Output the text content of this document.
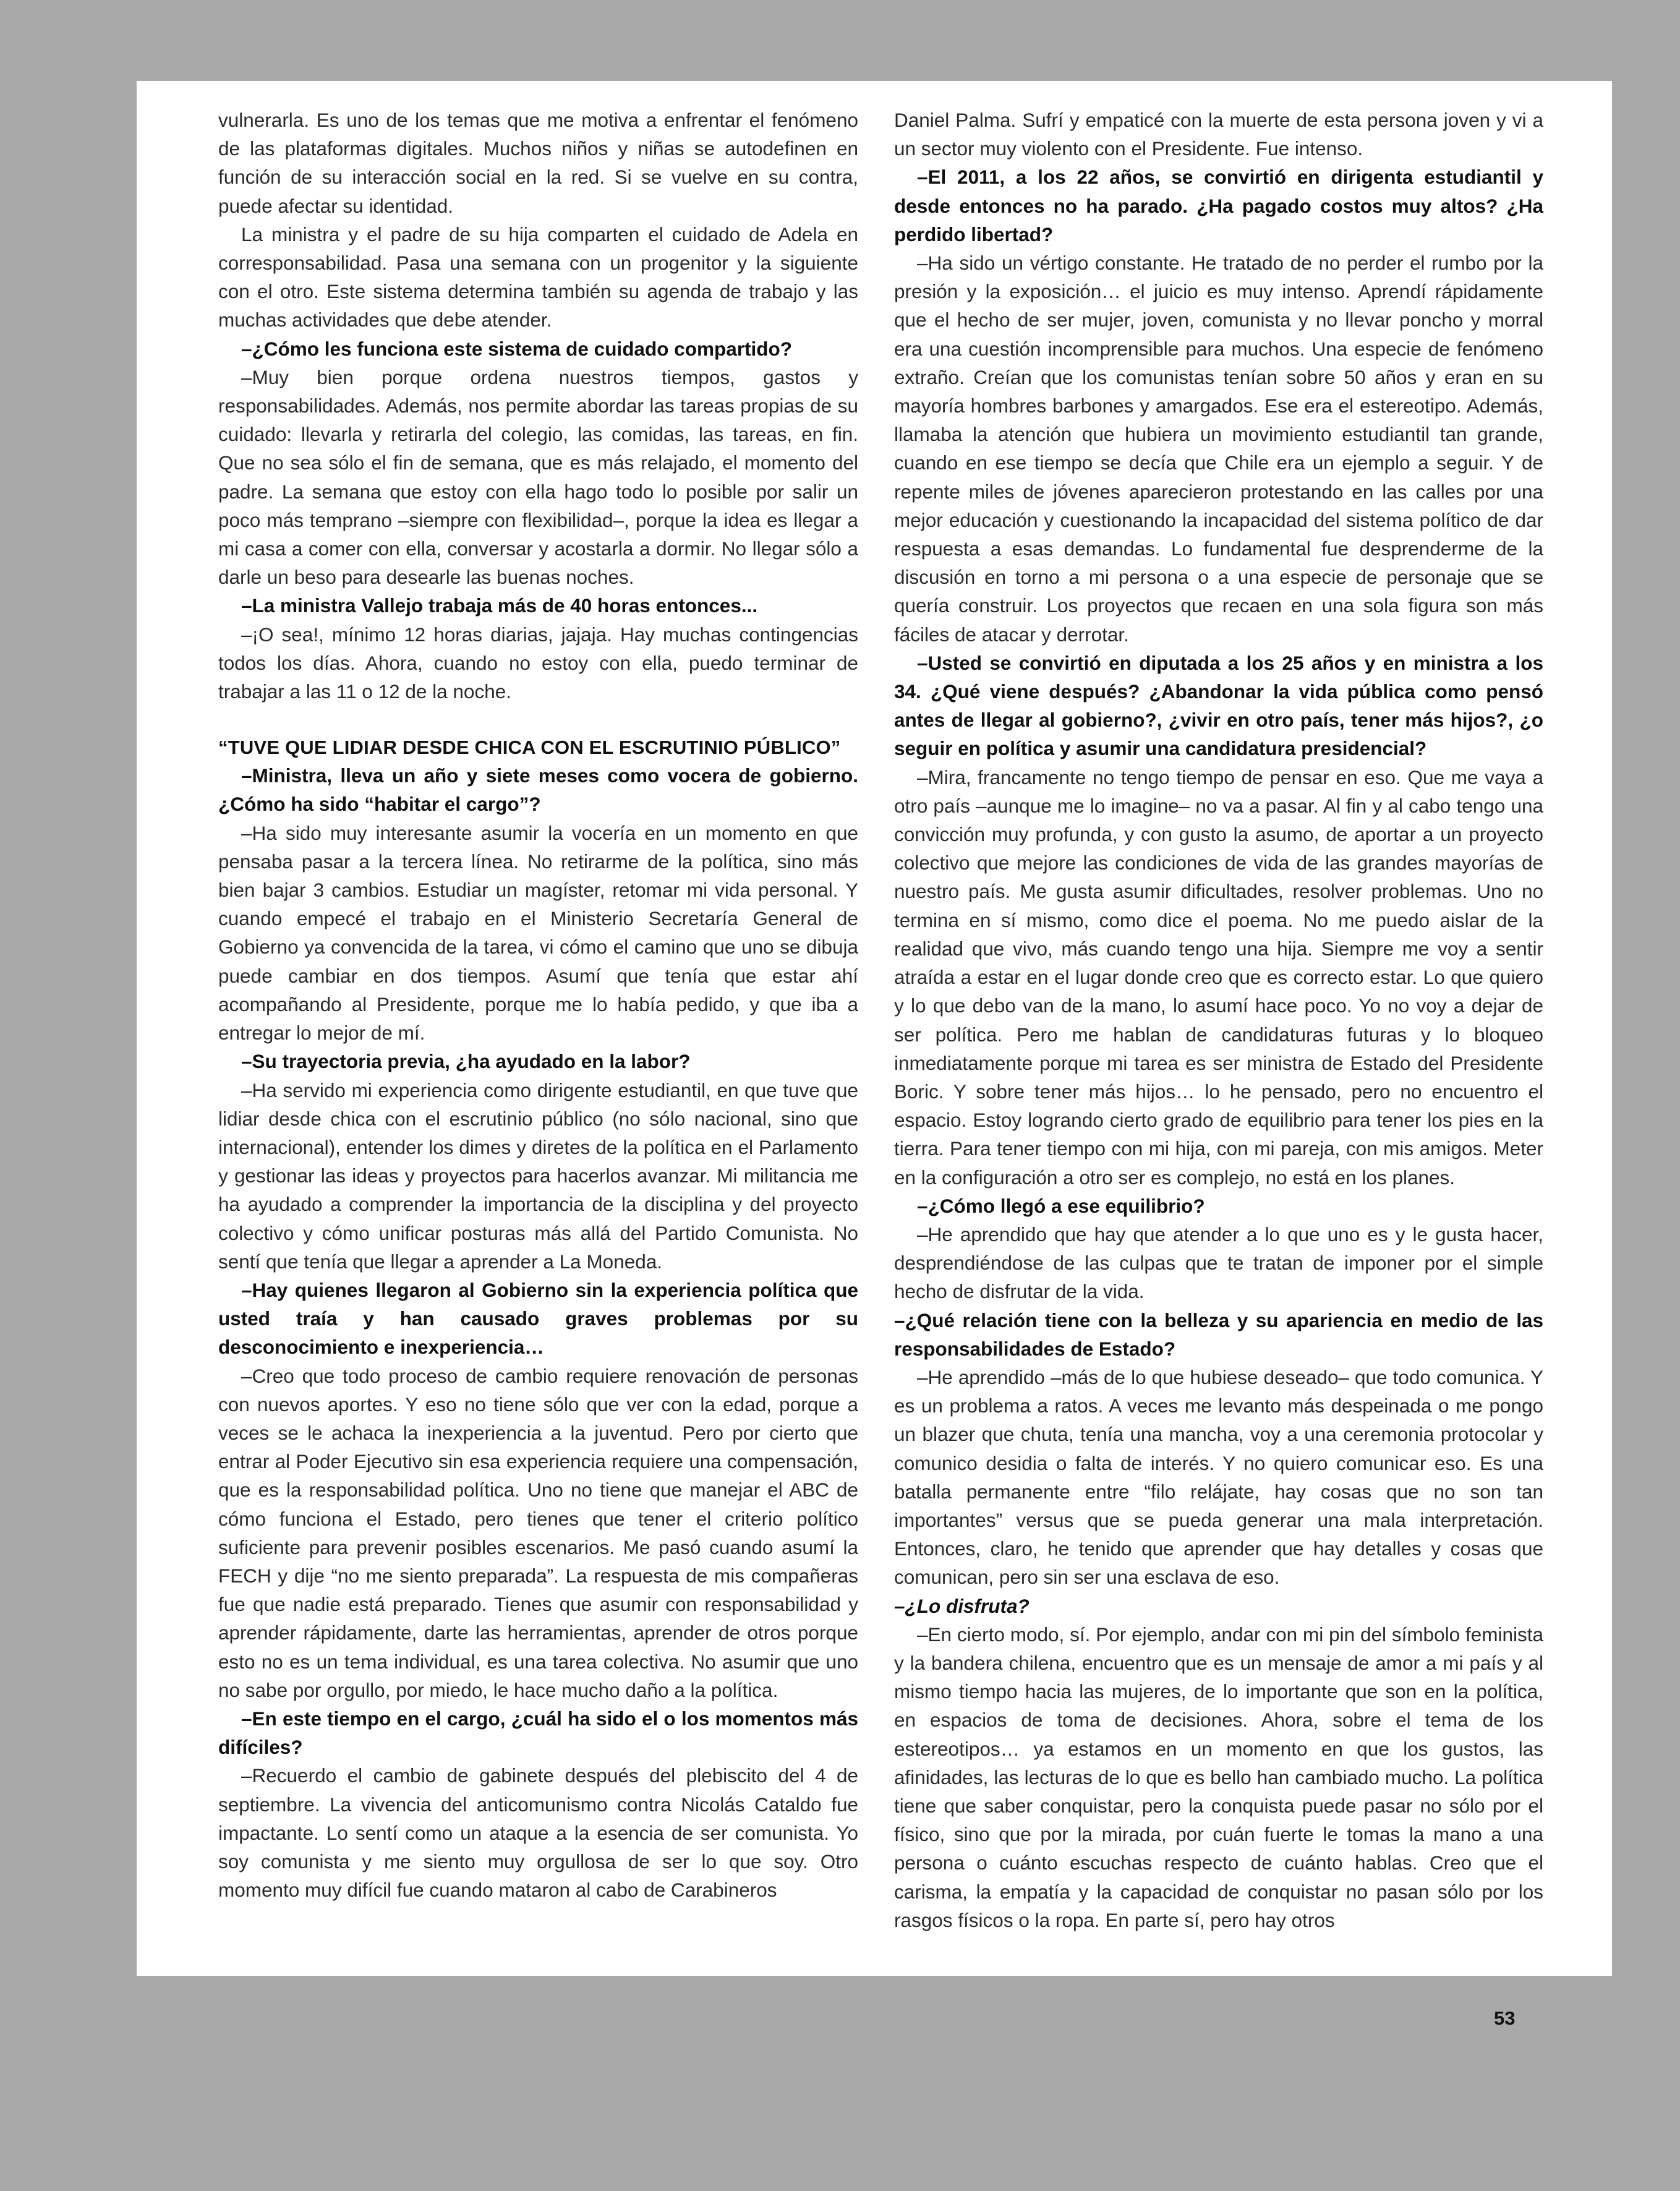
vulnerarla. Es uno de los temas que me motiva a enfrentar el fenómeno de las plataformas digitales. Muchos niños y niñas se autodefinen en función de su interacción social en la red. Si se vuelve en su contra, puede afectar su identidad.

La ministra y el padre de su hija comparten el cuidado de Adela en corresponsabilidad. Pasa una semana con un progenitor y la siguiente con el otro. Este sistema determina también su agenda de trabajo y las muchas actividades que debe atender.

–¿Cómo les funciona este sistema de cuidado compartido?

–Muy bien porque ordena nuestros tiempos, gastos y responsabilidades. Además, nos permite abordar las tareas propias de su cuidado: llevarla y retirarla del colegio, las comidas, las tareas, en fin. Que no sea sólo el fin de semana, que es más relajado, el momento del padre. La semana que estoy con ella hago todo lo posible por salir un poco más temprano –siempre con flexibilidad–, porque la idea es llegar a mi casa a comer con ella, conversar y acostarla a dormir. No llegar sólo a darle un beso para desearle las buenas noches.

–La ministra Vallejo trabaja más de 40 horas entonces...

–¡O sea!, mínimo 12 horas diarias, jajaja. Hay muchas contingencias todos los días. Ahora, cuando no estoy con ella, puedo terminar de trabajar a las 11 o 12 de la noche.

“TUVE QUE LIDIAR DESDE CHICA CON EL ESCRUTINIO PÚBLICO”

–Ministra, lleva un año y siete meses como vocera de gobierno. ¿Cómo ha sido “habitar el cargo”?

–Ha sido muy interesante asumir la vocería en un momento en que pensaba pasar a la tercera línea. No retirarme de la política, sino más bien bajar 3 cambios. Estudiar un magíster, retomar mi vida personal. Y cuando empecé el trabajo en el Ministerio Secretaría General de Gobierno ya convencida de la tarea, vi cómo el camino que uno se dibuja puede cambiar en dos tiempos. Asumí que tenía que estar ahí acompañando al Presidente, porque me lo había pedido, y que iba a entregar lo mejor de mí.

–Su trayectoria previa, ¿ha ayudado en la labor?

–Ha servido mi experiencia como dirigente estudiantil, en que tuve que lidiar desde chica con el escrutinio público (no sólo nacional, sino que internacional), entender los dimes y diretes de la política en el Parlamento y gestionar las ideas y proyectos para hacerlos avanzar. Mi militancia me ha ayudado a comprender la importancia de la disciplina y del proyecto colectivo y cómo unificar posturas más allá del Partido Comunista. No sentí que tenía que llegar a aprender a La Moneda.

–Hay quienes llegaron al Gobierno sin la experiencia política que usted traía y han causado graves problemas por su desconocimiento e inexperiencia…

–Creo que todo proceso de cambio requiere renovación de personas con nuevos aportes. Y eso no tiene sólo que ver con la edad, porque a veces se le achaca la inexperiencia a la juventud. Pero por cierto que entrar al Poder Ejecutivo sin esa experiencia requiere una compensación, que es la responsabilidad política. Uno no tiene que manejar el ABC de cómo funciona el Estado, pero tienes que tener el criterio político suficiente para prevenir posibles escenarios. Me pasó cuando asumí la FECH y dije “no me siento preparada”. La respuesta de mis compañeras fue que nadie está preparado. Tienes que asumir con responsabilidad y aprender rápidamente, darte las herramientas, aprender de otros porque esto no es un tema individual, es una tarea colectiva. No asumir que uno no sabe por orgullo, por miedo, le hace mucho daño a la política.

–En este tiempo en el cargo, ¿cuál ha sido el o los momentos más difíciles?

–Recuerdo el cambio de gabinete después del plebiscito del 4 de septiembre. La vivencia del anticomunismo contra Nicolás Cataldo fue impactante. Lo sentí como un ataque a la esencia de ser comunista. Yo soy comunista y me siento muy orgullosa de ser lo que soy. Otro momento muy difícil fue cuando mataron al cabo de Carabineros

Daniel Palma. Sufrí y empaticé con la muerte de esta persona joven y vi a un sector muy violento con el Presidente. Fue intenso.

–El 2011, a los 22 años, se convirtió en dirigenta estudiantil y desde entonces no ha parado. ¿Ha pagado costos muy altos? ¿Ha perdido libertad?

–Ha sido un vértigo constante. He tratado de no perder el rumbo por la presión y la exposición… el juicio es muy intenso. Aprendí rápidamente que el hecho de ser mujer, joven, comunista y no llevar poncho y morral era una cuestión incomprensible para muchos. Una especie de fenómeno extraño. Creían que los comunistas tenían sobre 50 años y eran en su mayoría hombres barbones y amargados. Ese era el estereotipo. Además, llamaba la atención que hubiera un movimiento estudiantil tan grande, cuando en ese tiempo se decía que Chile era un ejemplo a seguir. Y de repente miles de jóvenes aparecieron protestando en las calles por una mejor educación y cuestionando la incapacidad del sistema político de dar respuesta a esas demandas. Lo fundamental fue desprenderme de la discusión en torno a mi persona o a una especie de personaje que se quería construir. Los proyectos que recaen en una sola figura son más fáciles de atacar y derrotar.

–Usted se convirtió en diputada a los 25 años y en ministra a los 34. ¿Qué viene después? ¿Abandonar la vida pública como pensó antes de llegar al gobierno?, ¿vivir en otro país, tener más hijos?, ¿o seguir en política y asumir una candidatura presidencial?

–Mira, francamente no tengo tiempo de pensar en eso. Que me vaya a otro país –aunque me lo imagine– no va a pasar. Al fin y al cabo tengo una convicción muy profunda, y con gusto la asumo, de aportar a un proyecto colectivo que mejore las condiciones de vida de las grandes mayorías de nuestro país. Me gusta asumir dificultades, resolver problemas. Uno no termina en sí mismo, como dice el poema. No me puedo aislar de la realidad que vivo, más cuando tengo una hija. Siempre me voy a sentir atraída a estar en el lugar donde creo que es correcto estar. Lo que quiero y lo que debo van de la mano, lo asumí hace poco. Yo no voy a dejar de ser política. Pero me hablan de candidaturas futuras y lo bloqueo inmediatamente porque mi tarea es ser ministra de Estado del Presidente Boric. Y sobre tener más hijos… lo he pensado, pero no encuentro el espacio. Estoy logrando cierto grado de equilibrio para tener los pies en la tierra. Para tener tiempo con mi hija, con mi pareja, con mis amigos. Meter en la configuración a otro ser es complejo, no está en los planes.

–¿Cómo llegó a ese equilibrio?

–He aprendido que hay que atender a lo que uno es y le gusta hacer, desprendiéndose de las culpas que te tratan de imponer por el simple hecho de disfrutar de la vida.

–¿Qué relación tiene con la belleza y su apariencia en medio de las responsabilidades de Estado?

–He aprendido –más de lo que hubiese deseado– que todo comunica. Y es un problema a ratos. A veces me levanto más despeinada o me pongo un blazer que chuta, tenía una mancha, voy a una ceremonia protocolar y comunico desidia o falta de interés. Y no quiero comunicar eso. Es una batalla permanente entre “filo relájate, hay cosas que no son tan importantes” versus que se pueda generar una mala interpretación. Entonces, claro, he tenido que aprender que hay detalles y cosas que comunican, pero sin ser una esclava de eso.

–¿Lo disfruta?

–En cierto modo, sí. Por ejemplo, andar con mi pin del símbolo feminista y la bandera chilena, encuentro que es un mensaje de amor a mi país y al mismo tiempo hacia las mujeres, de lo importante que son en la política, en espacios de toma de decisiones. Ahora, sobre el tema de los estereotipos… ya estamos en un momento en que los gustos, las afinidades, las lecturas de lo que es bello han cambiado mucho. La política tiene que saber conquistar, pero la conquista puede pasar no sólo por el físico, sino que por la mirada, por cuán fuerte le tomas la mano a una persona o cuánto escuchas respecto de cuánto hablas. Creo que el carisma, la empatía y la capacidad de conquistar no pasan sólo por los rasgos físicos o la ropa. En parte sí, pero hay otros

53
